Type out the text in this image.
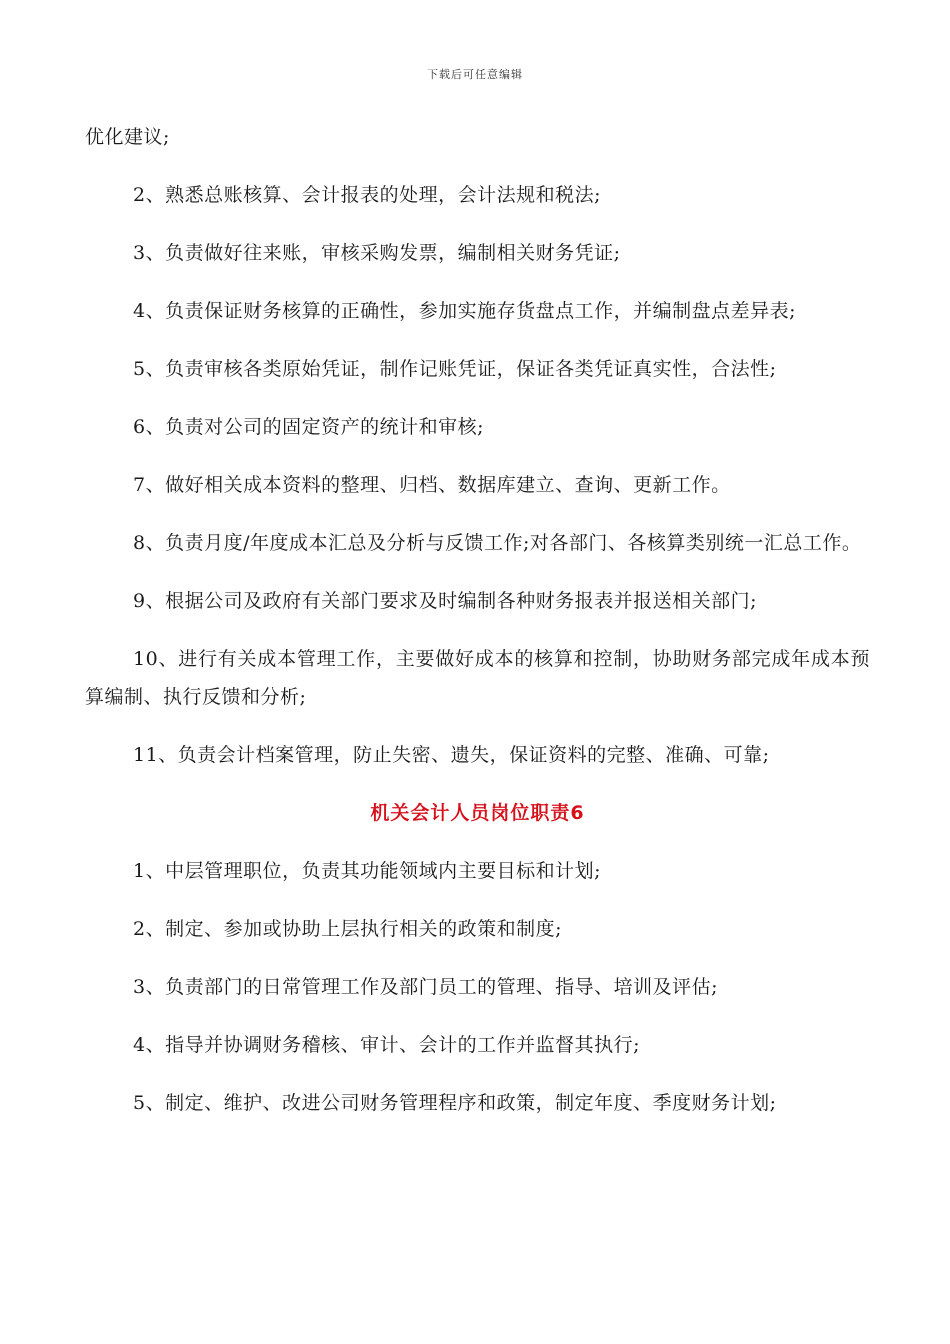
下载后可任意编辑

优化建议;

2、熟悉总账核算、会计报表的处理，会计法规和税法;

3、负责做好往来账，审核采购发票，编制相关财务凭证;

4、负责保证财务核算的正确性，参加实施存货盘点工作，并编制盘点差异表;

5、负责审核各类原始凭证，制作记账凭证，保证各类凭证真实性，合法性;

6、负责对公司的固定资产的统计和审核;

7、做好相关成本资料的整理、归档、数据库建立、查询、更新工作。

8、负责月度/年度成本汇总及分析与反馈工作;对各部门、各核算类别统一汇总工作。

9、根据公司及政府有关部门要求及时编制各种财务报表并报送相关部门;

10、进行有关成本管理工作，主要做好成本的核算和控制，协助财务部完成年成本预算编制、执行反馈和分析;

11、负责会计档案管理，防止失密、遗失，保证资料的完整、准确、可靠;

机关会计人员岗位职责6

1、中层管理职位，负责其功能领域内主要目标和计划;

2、制定、参加或协助上层执行相关的政策和制度;

3、负责部门的日常管理工作及部门员工的管理、指导、培训及评估;

4、指导并协调财务稽核、审计、会计的工作并监督其执行;

5、制定、维护、改进公司财务管理程序和政策，制定年度、季度财务计划;
